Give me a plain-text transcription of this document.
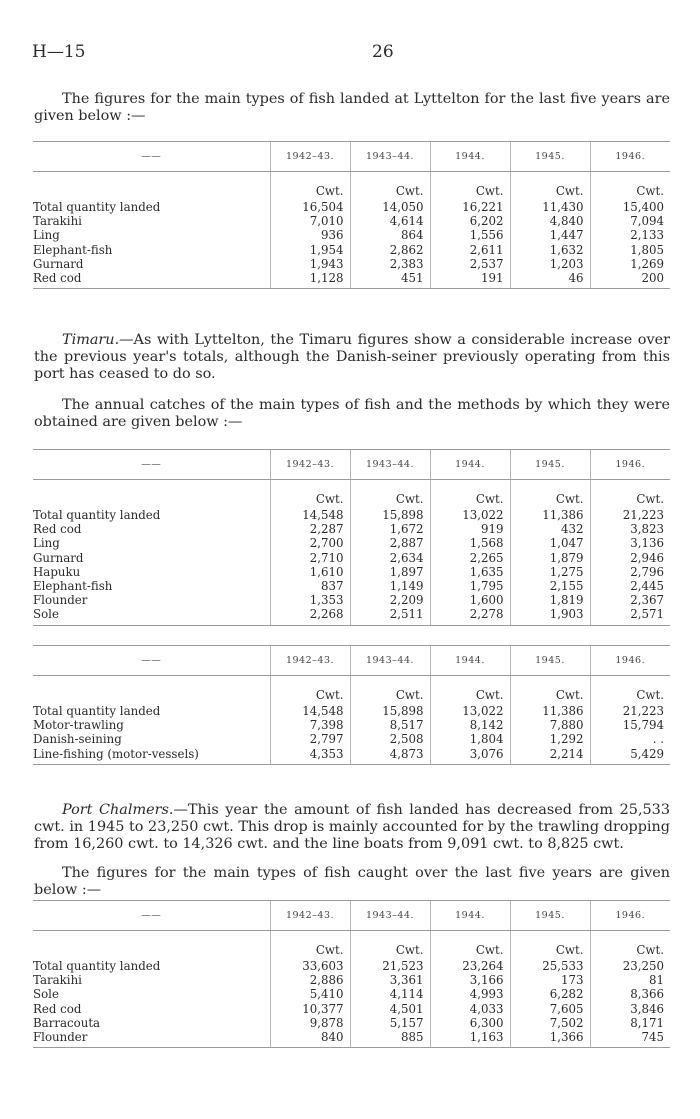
H—15	26

The figures for the main types of fish landed at Lyttelton for the last five years are given below :—

——	1942–43.	1943–44.	1944.	1945.	1946.
	Cwt.	Cwt.	Cwt.	Cwt.	Cwt.
Total quantity landed	16,504	14,050	16,221	11,430	15,400
Tarakihi	7,010	4,614	6,202	4,840	7,094
Ling	936	864	1,556	1,447	2,133
Elephant-fish	1,954	2,862	2,611	1,632	1,805
Gurnard	1,943	2,383	2,537	1,203	1,269
Red cod	1,128	451	191	46	200

Timaru.—As with Lyttelton, the Timaru figures show a considerable increase over the previous year's totals, although the Danish-seiner previously operating from this port has ceased to do so.

The annual catches of the main types of fish and the methods by which they were obtained are given below :—

——	1942–43.	1943–44.	1944.	1945.	1946.
	Cwt.	Cwt.	Cwt.	Cwt.	Cwt.
Total quantity landed	14,548	15,898	13,022	11,386	21,223
Red cod	2,287	1,672	919	432	3,823
Ling	2,700	2,887	1,568	1,047	3,136
Gurnard	2,710	2,634	2,265	1,879	2,946
Hapuku	1,610	1,897	1,635	1,275	2,796
Elephant-fish	837	1,149	1,795	2,155	2,445
Flounder	1,353	2,209	1,600	1,819	2,367
Sole	2,268	2,511	2,278	1,903	2,571
——	1942–43.	1943–44.	1944.	1945.	1946.
	Cwt.	Cwt.	Cwt.	Cwt.	Cwt.
Total quantity landed	14,548	15,898	13,022	11,386	21,223
Motor-trawling	7,398	8,517	8,142	7,880	15,794
Danish-seining	2,797	2,508	1,804	1,292	. .
Line-fishing (motor-vessels)	4,353	4,873	3,076	2,214	5,429

Port Chalmers.—This year the amount of fish landed has decreased from 25,533 cwt. in 1945 to 23,250 cwt. This drop is mainly accounted for by the trawling dropping from 16,260 cwt. to 14,326 cwt. and the line boats from 9,091 cwt. to 8,825 cwt.

The figures for the main types of fish caught over the last five years are given below :—

——	1942–43.	1943–44.	1944.	1945.	1946.
	Cwt.	Cwt.	Cwt.	Cwt.	Cwt.
Total quantity landed	33,603	21,523	23,264	25,533	23,250
Tarakihi	2,886	3,361	3,166	173	81
Sole	5,410	4,114	4,993	6,282	8,366
Red cod	10,377	4,501	4,033	7,605	3,846
Barracouta	9,878	5,157	6,300	7,502	8,171
Flounder	840	885	1,163	1,366	745
